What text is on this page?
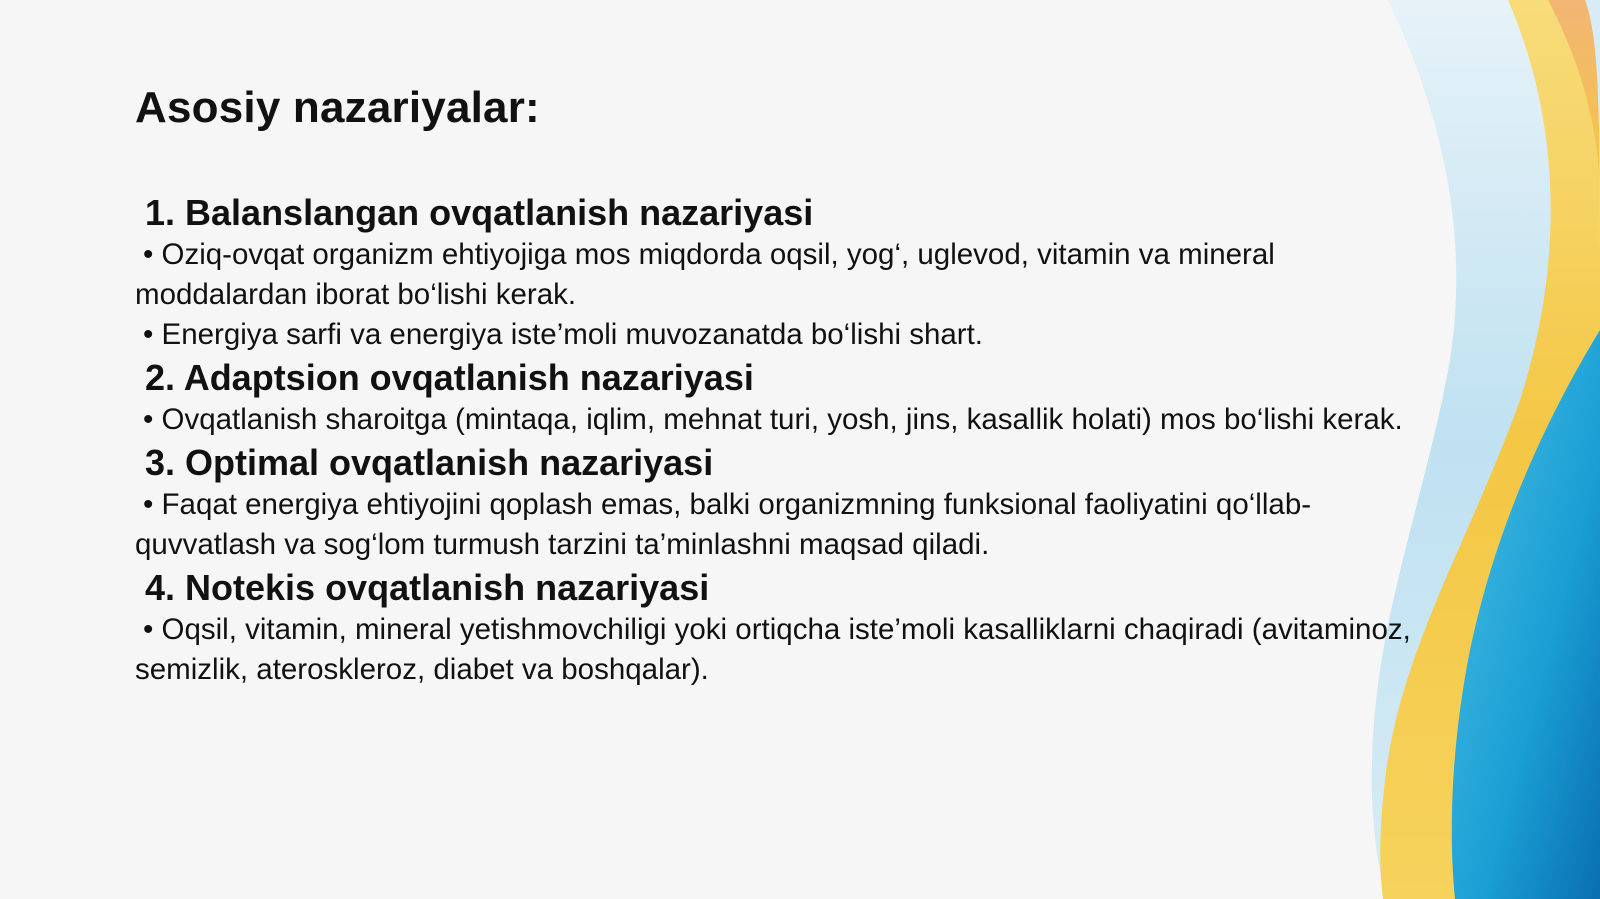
Asosiy nazariyalar:
1. Balanslangan ovqatlanish nazariyasi

• Oziq-ovqat organizm ehtiyojiga mos miqdorda oqsil, yog‘, uglevod, vitamin va mineral moddalardan iborat bo‘lishi kerak.

• Energiya sarfi va energiya iste’moli muvozanatda bo‘lishi shart.

2. Adaptsion ovqatlanish nazariyasi

• Ovqatlanish sharoitga (mintaqa, iqlim, mehnat turi, yosh, jins, kasallik holati) mos bo‘lishi kerak.

3. Optimal ovqatlanish nazariyasi

• Faqat energiya ehtiyojini qoplash emas, balki organizmning funksional faoliyatini qo‘llab-quvvatlash va sog‘lom turmush tarzini ta’minlashni maqsad qiladi.

4. Notekis ovqatlanish nazariyasi

• Oqsil, vitamin, mineral yetishmovchiligi yoki ortiqcha iste’moli kasalliklarni chaqiradi (avitaminoz, semizlik, ateroskleroz, diabet va boshqalar).
